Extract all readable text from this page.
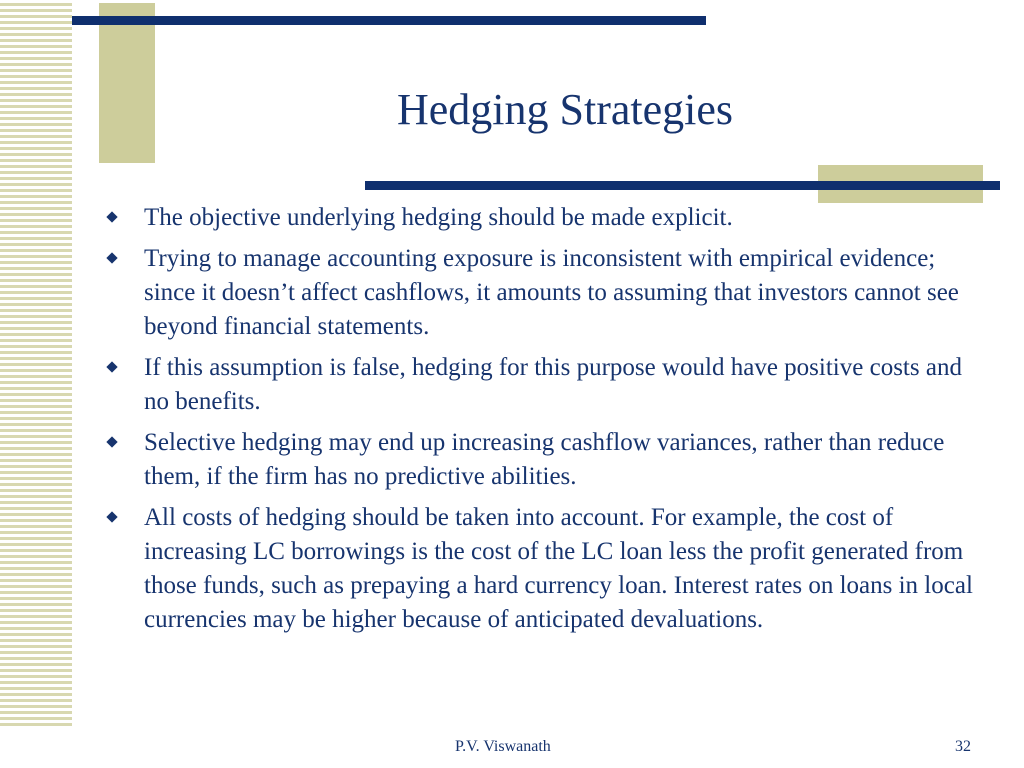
Hedging Strategies
The objective underlying hedging should be made explicit.
Trying to manage accounting exposure is inconsistent with empirical evidence; since it doesn’t affect cashflows, it amounts to assuming that investors cannot see beyond financial statements.
If this assumption is false, hedging for this purpose would have positive costs and no benefits.
Selective hedging may end up increasing cashflow variances, rather than reduce them, if the firm has no predictive abilities.
All costs of hedging should be taken into account. For example, the cost of increasing LC borrowings is the cost of the LC loan less the profit generated from those funds, such as prepaying a hard currency loan. Interest rates on loans in local currencies may be higher because of anticipated devaluations.
P.V. Viswanath	32
